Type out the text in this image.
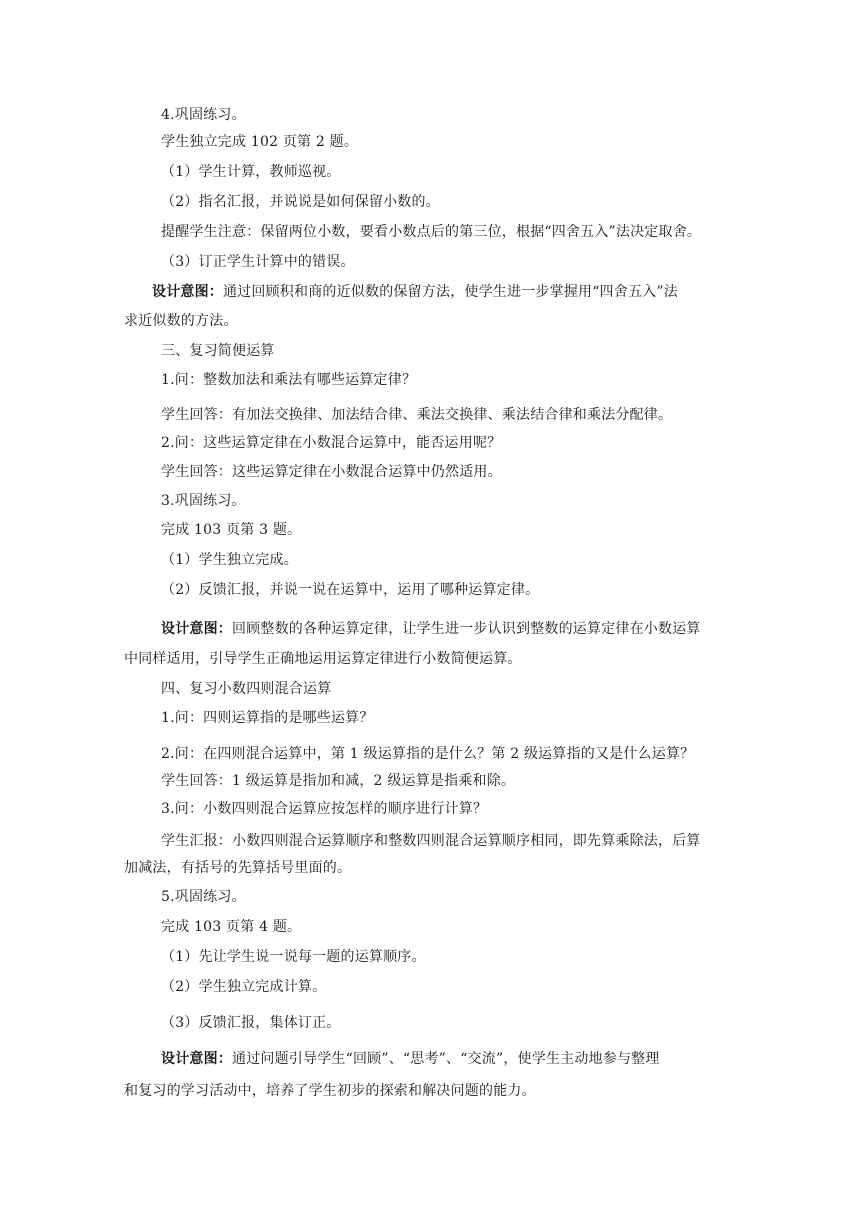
4.巩固练习。
学生独立完成 102 页第 2 题。
（1）学生计算，教师巡视。
（2）指名汇报，并说说是如何保留小数的。
提醒学生注意：保留两位小数，要看小数点后的第三位，根据“四舍五入”法决定取舍。
（3）订正学生计算中的错误。
设计意图：通过回顾积和商的近似数的保留方法，使学生进一步掌握用“四舍五入”法
求近似数的方法。
三、复习简便运算
1.问：整数加法和乘法有哪些运算定律？
学生回答：有加法交换律、加法结合律、乘法交换律、乘法结合律和乘法分配律。
2.问：这些运算定律在小数混合运算中，能否运用呢？
学生回答：这些运算定律在小数混合运算中仍然适用。
3.巩固练习。
完成 103 页第 3 题。
（1）学生独立完成。
（2）反馈汇报，并说一说在运算中，运用了哪种运算定律。
设计意图：回顾整数的各种运算定律，让学生进一步认识到整数的运算定律在小数运算
中同样适用，引导学生正确地运用运算定律进行小数简便运算。
四、复习小数四则混合运算
1.问：四则运算指的是哪些运算？
2.问：在四则混合运算中，第 1 级运算指的是什么？第 2 级运算指的又是什么运算？
学生回答：1 级运算是指加和减，2 级运算是指乘和除。
3.问：小数四则混合运算应按怎样的顺序进行计算？
学生汇报：小数四则混合运算顺序和整数四则混合运算顺序相同，即先算乘除法，后算
加减法，有括号的先算括号里面的。
5.巩固练习。
完成 103 页第 4 题。
（1）先让学生说一说每一题的运算顺序。
（2）学生独立完成计算。
（3）反馈汇报，集体订正。
设计意图：通过问题引导学生“回顾”、“思考”、“交流”，使学生主动地参与整理
和复习的学习活动中，培养了学生初步的探索和解决问题的能力。
